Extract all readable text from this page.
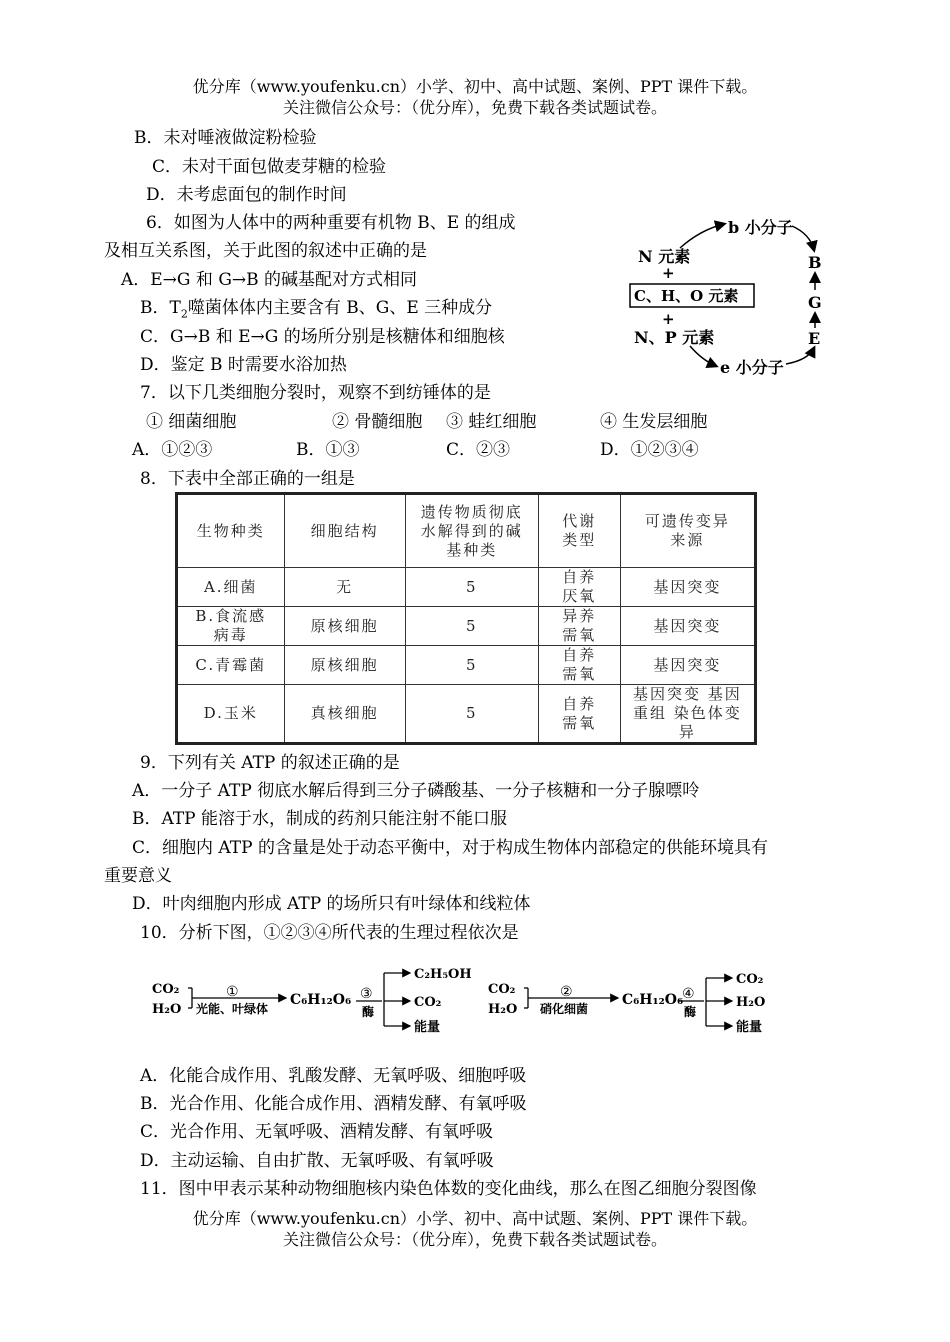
优分库（www.youfenku.cn）小学、初中、高中试题、案例、PPT 课件下载。
关注微信公众号：（优分库），免费下载各类试题试卷。
B．未对唾液做淀粉检验
C．未对干面包做麦芽糖的检验
D．未考虑面包的制作时间
6．如图为人体中的两种重要有机物 B、E 的组成
及相互关系图，关于此图的叙述中正确的是
A．E→G 和 G→B 的碱基配对方式相同
B．$T_2$噬菌体体内主要含有 B、G、E 三种成分
C．G→B 和 E→G 的场所分别是核糖体和细胞核
D．鉴定 B 时需要水浴加热
N 元素
+
C、H、O 元素
+
N、P 元素
b 小分子
e 小分子
B
G
E
7．以下几类细胞分裂时，观察不到纺锤体的是
① 细菌细胞	② 骨髓细胞 ③ 蛙红细胞	④ 生发层细胞
A．①②③	B．①③	C．②③	D．①②③④
8．下表中全部正确的一组是
生物种类	细胞结构	遗传物质彻底水解得到的碱基种类	代谢类型	可遗传变异来源
A.细菌	无	5	自养厌氧	基因突变
B.食流感病毒	原核细胞	5	异养需氧	基因突变
C.青霉菌	原核细胞	5	自养需氧	基因突变
D.玉米	真核细胞	5	自养需氧	基因突变 基因重组 染色体变异
9．下列有关 ATP 的叙述正确的是
A．一分子 ATP 彻底水解后得到三分子磷酸基、一分子核糖和一分子腺嘌呤
B．ATP 能溶于水，制成的药剂只能注射不能口服
C．细胞内 ATP 的含量是处于动态平衡中，对于构成生物体内部稳定的供能环境具有
重要意义
D．叶肉细胞内形成 ATP 的场所只有叶绿体和线粒体
10．分析下图，①②③④所代表的生理过程依次是
CO₂
H₂O
①
光能、叶绿体
C₆H₁₂O₆ ③
酶
C₂H₅OH
CO₂
能量
CO₂
H₂O
②
硝化细菌
C₆H₁₂O₆
④
酶
CO₂
H₂O
能量
A．化能合成作用、乳酸发酵、无氧呼吸、细胞呼吸
B．光合作用、化能合成作用、酒精发酵、有氧呼吸
C．光合作用、无氧呼吸、酒精发酵、有氧呼吸
D．主动运输、自由扩散、无氧呼吸、有氧呼吸
11．图中甲表示某种动物细胞核内染色体数的变化曲线，那么在图乙细胞分裂图像
优分库（www.youfenku.cn）小学、初中、高中试题、案例、PPT 课件下载。
关注微信公众号：（优分库），免费下载各类试题试卷。
